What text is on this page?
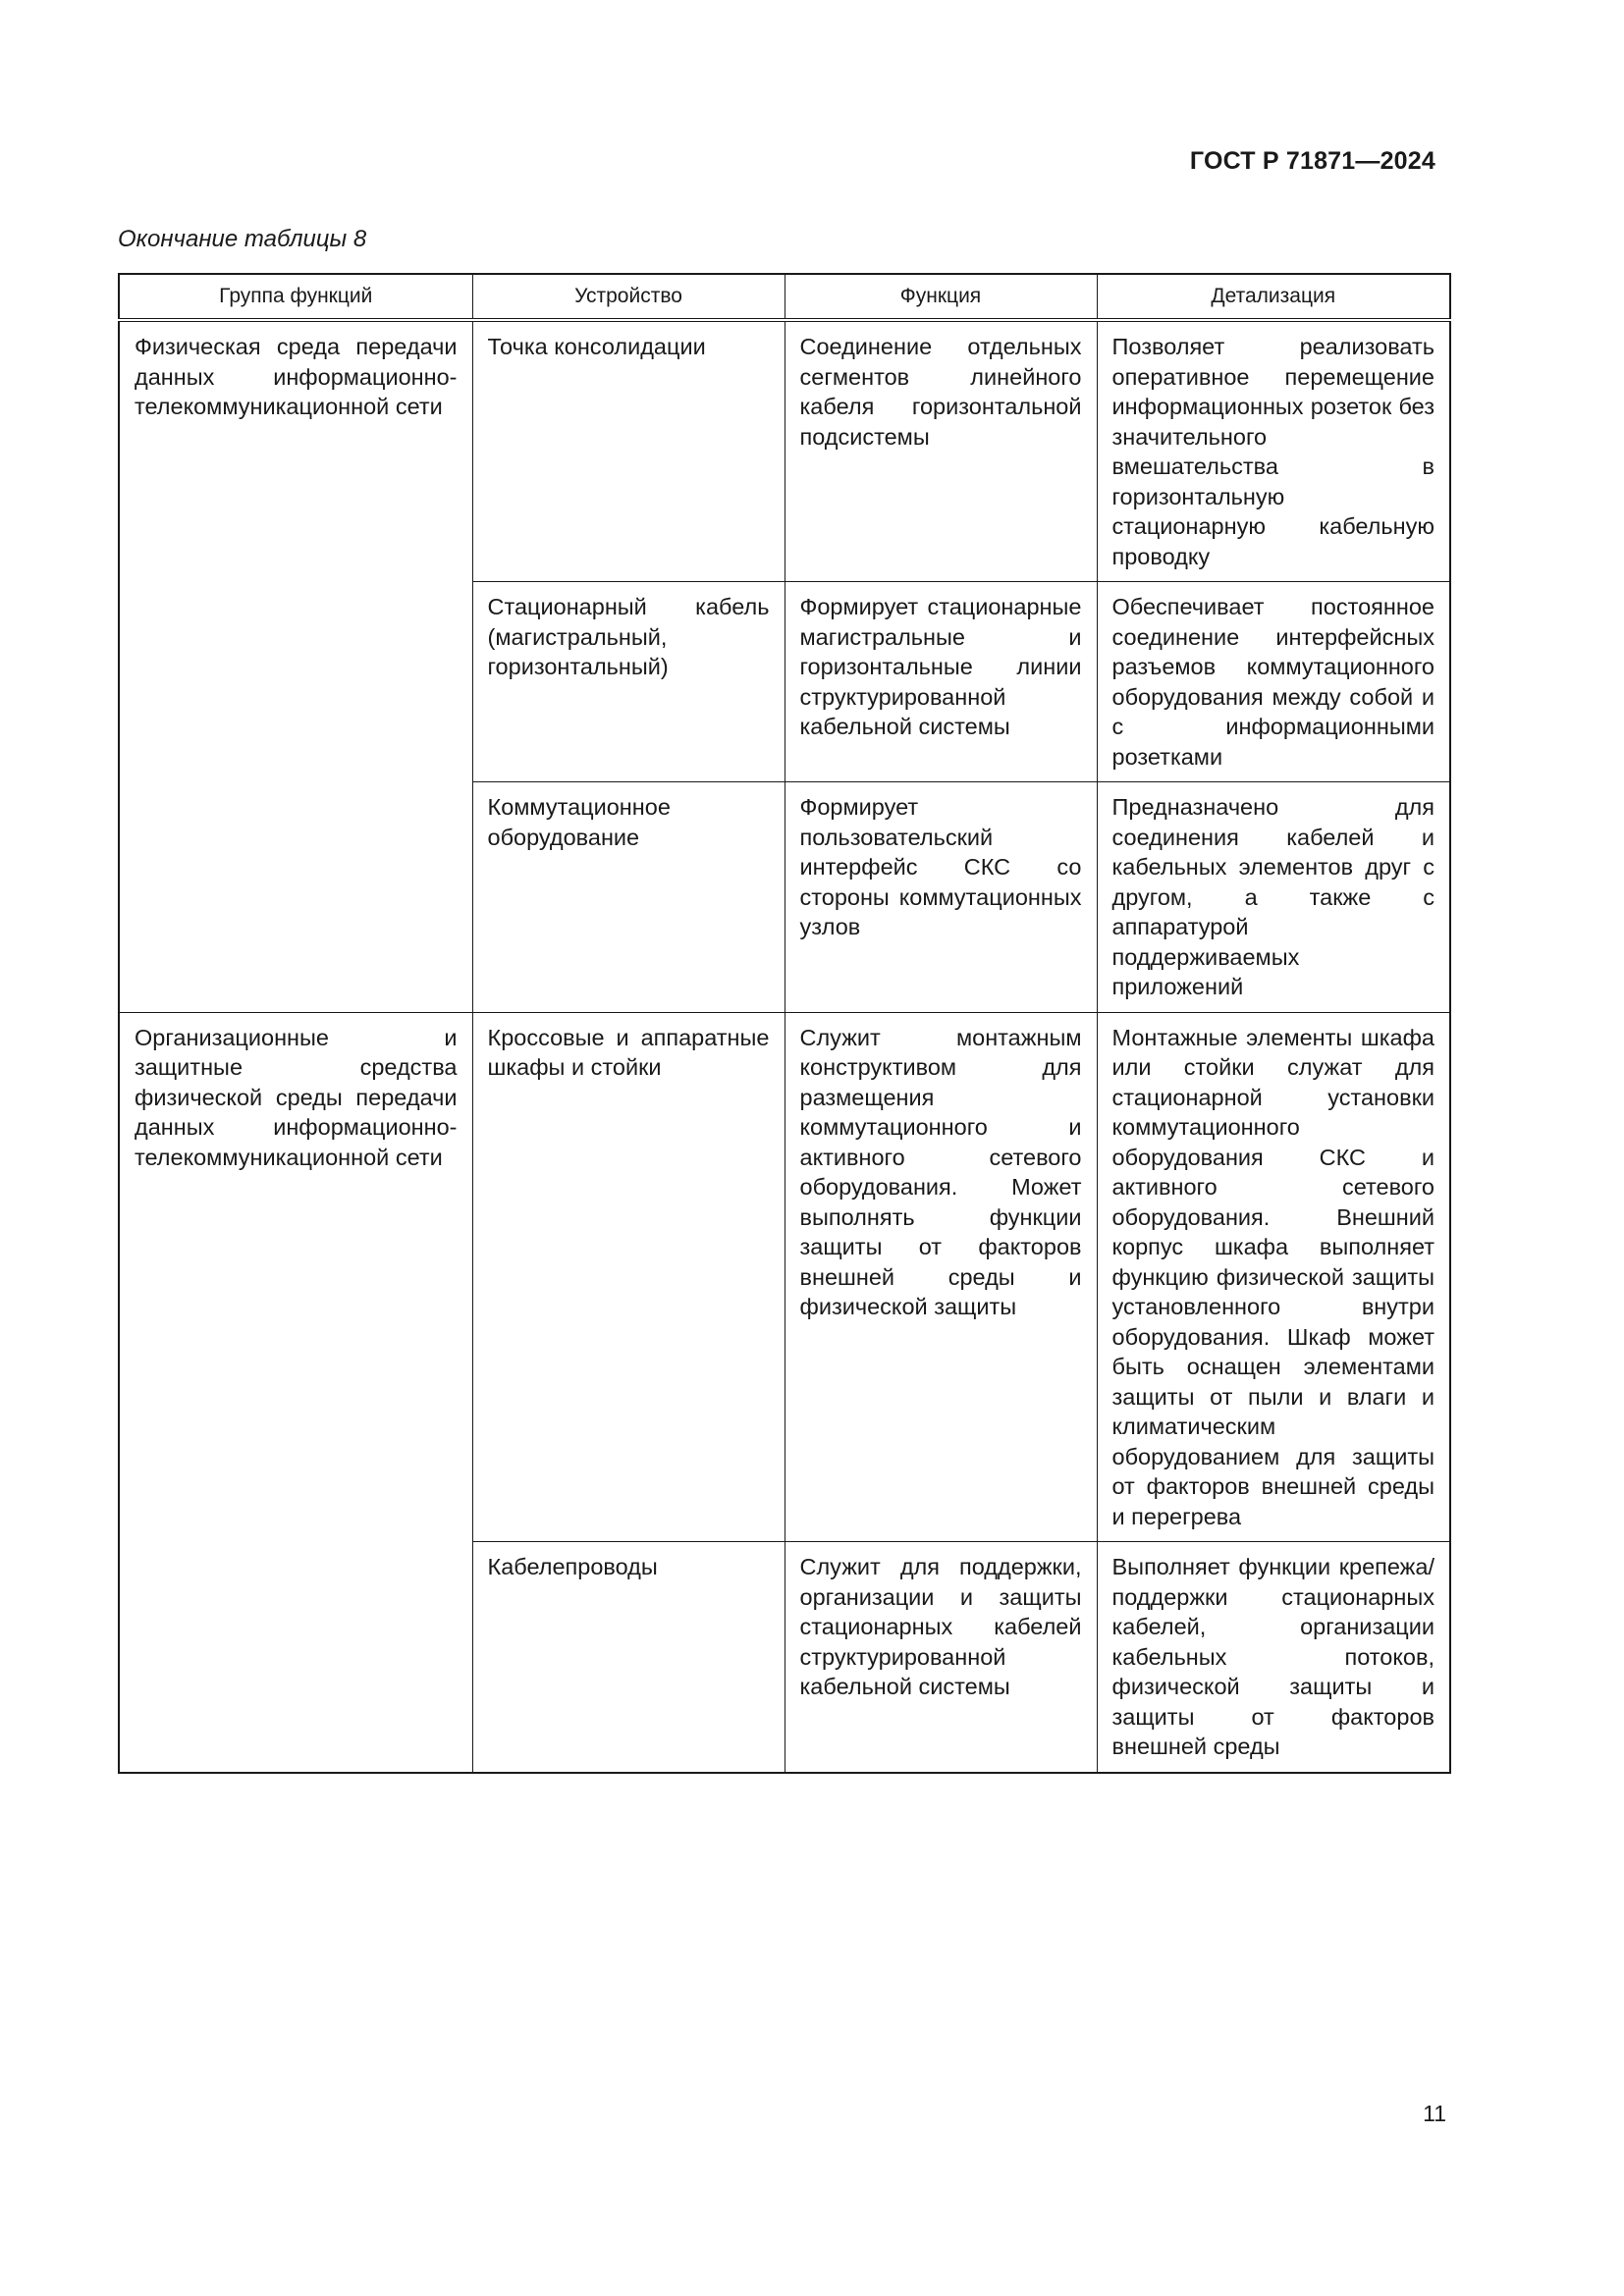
ГОСТ Р 71871—2024
Окончание таблицы 8
Группа функций	Устройство	Функция	Детализация
Физическая среда передачи данных информационно-телекоммуникационной сети	Точка консолидации	Соединение отдельных сегментов линейного кабеля горизонтальной подсистемы	Позволяет реализовать оперативное перемещение информационных розеток без значительного вмешательства в горизонтальную стационарную кабельную проводку
	Стационарный кабель (магистральный, горизонтальный)	Формирует стационарные магистральные и горизонтальные линии структурированной кабельной системы	Обеспечивает постоянное соединение интерфейсных разъемов коммутационного оборудования между собой и с информационными розетками
	Коммутационное оборудование	Формирует пользовательский интерфейс СКС со стороны коммутационных узлов	Предназначено для соединения кабелей и кабельных элементов друг с другом, а также с аппаратурой поддерживаемых приложений
Организационные и защитные средства физической среды передачи данных информационно-телекоммуникационной сети	Кроссовые и аппаратные шкафы и стойки	Служит монтажным конструктивом для размещения коммутационного и активного сетевого оборудования. Может выполнять функции защиты от факторов внешней среды и физической защиты	Монтажные элементы шкафа или стойки служат для стационарной установки коммутационного оборудования СКС и активного сетевого оборудования. Внешний корпус шкафа выполняет функцию физической защиты установленного внутри оборудования. Шкаф может быть оснащен элементами защиты от пыли и влаги и климатическим оборудованием для защиты от факторов внешней среды и перегрева
	Кабелепроводы	Служит для поддержки, организации и защиты стационарных кабелей структурированной кабельной системы	Выполняет функции крепежа/поддержки стационарных кабелей, организации кабельных потоков, физической защиты и защиты от факторов внешней среды
11
